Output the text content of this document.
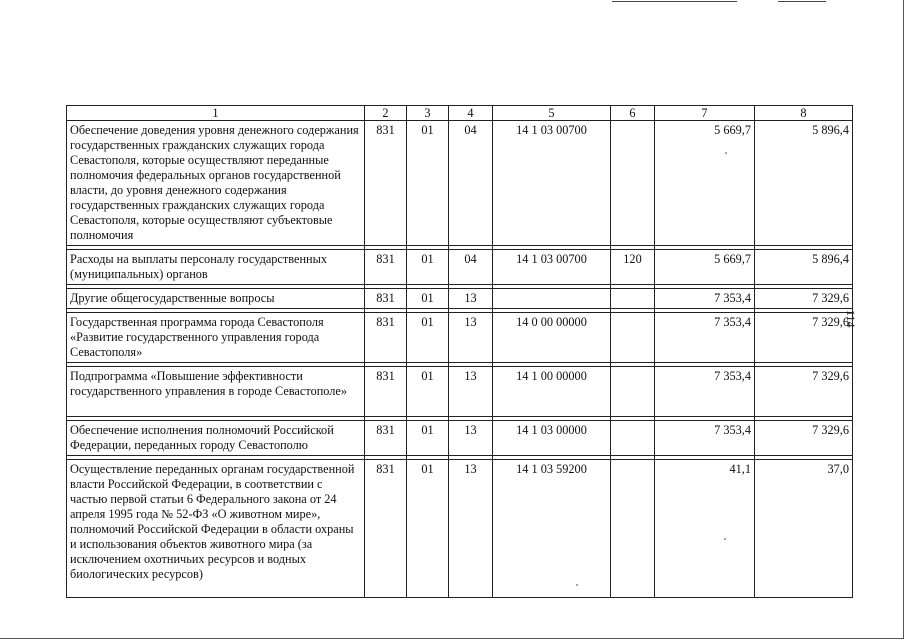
1	2	3	4	5	6	7	8
Обеспечение доведения уровня денежного содержания государственных гражданских служащих города Севастополя, которые осуществляют переданные полномочия федеральных органов государственной власти, до уровня денежного содержания государственных гражданских служащих города Севастополя, которые осуществляют субъектовые полномочия	831	01	04	14 1 03 00700		5 669,7	5 896,4

Расходы на выплаты персоналу государственных (муниципальных) органов	831	01	04	14 1 03 00700	120	5 669,7	5 896,4

Другие общегосударственные вопросы	831	01	13			7 353,4	7 329,6

Государственная программа города Севастополя «Развитие государственного управления города Севастополя»	831	01	13	14 0 00 00000		7 353,4	7 329,6

Подпрограмма «Повышение эффективности государственного управления в городе Севастополе»	831	01	13	14 1 00 00000		7 353,4	7 329,6

Обеспечение исполнения полномочий Российской Федерации, переданных городу Севастополю	831	01	13	14 1 03 00000		7 353,4	7 329,6

Осуществление переданных органам государственной власти Российской Федерации, в соответствии с частью первой статьи 6 Федерального закона от 24 апреля 1995 года № 52-ФЗ «О животном мире», полномочий Российской Федерации в области охраны и использования объектов животного мира (за исключением охотничьих ресурсов и водных биологических ресурсов)	831	01	13	14 1 03 59200		41,1	37,0
114
